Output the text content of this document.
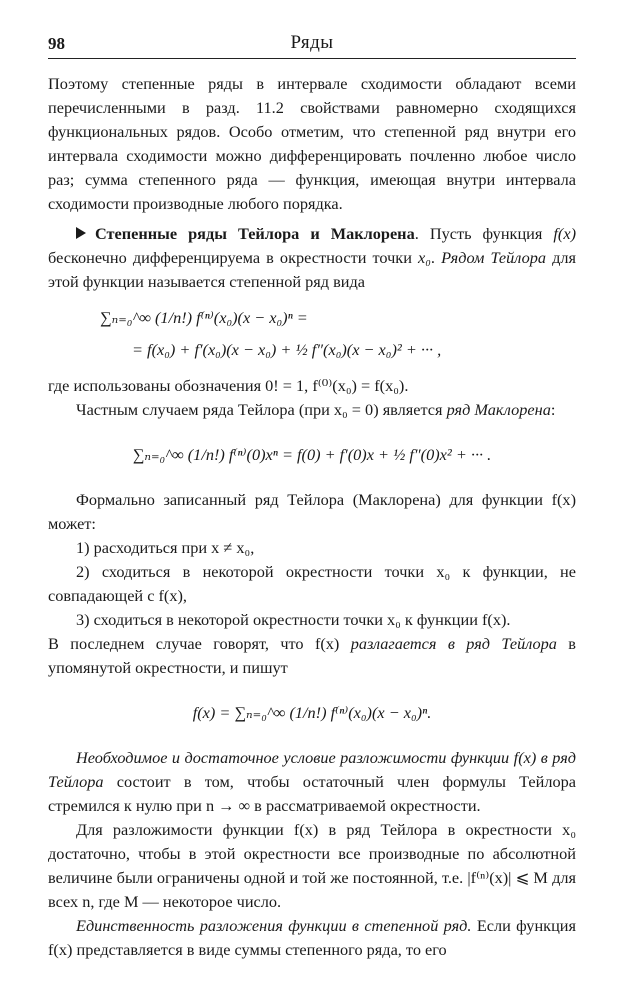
98	Ряды

Поэтому степенные ряды в интервале сходимости обладают всеми перечисленными в разд. 11.2 свойствами равномерно сходящихся функциональных рядов. Особо отметим, что степенной ряд внутри его интервала сходимости можно дифференцировать почленно любое число раз; сумма степенного ряда — функция, имеющая внутри интервала сходимости производные любого порядка.

Степенные ряды Тейлора и Маклорена. Пусть функция f(x) бесконечно дифференцируема в окрестности точки x₀. Рядом Тейлора для этой функции называется степенной ряд вида

∑ₙ₌₀^∞ (1/n!) f⁽ⁿ⁾(x₀)(x − x₀)ⁿ =
= f(x₀) + f′(x₀)(x − x₀) + ½ f″(x₀)(x − x₀)² + ··· ,

где использованы обозначения 0! = 1, f⁽⁰⁾(x₀) = f(x₀).

Частным случаем ряда Тейлора (при x₀ = 0) является ряд Маклорена:

∑ₙ₌₀^∞ (1/n!) f⁽ⁿ⁾(0)xⁿ = f(0) + f′(0)x + ½ f″(0)x² + ··· .

Формально записанный ряд Тейлора (Маклорена) для функции f(x) может:

1) расходиться при x ≠ x₀,

2) сходиться в некоторой окрестности точки x₀ к функции, не совпадающей с f(x),

3) сходиться в некоторой окрестности точки x₀ к функции f(x).

В последнем случае говорят, что f(x) разлагается в ряд Тейлора в упомянутой окрестности, и пишут

f(x) = ∑ₙ₌₀^∞ (1/n!) f⁽ⁿ⁾(x₀)(x − x₀)ⁿ.

Необходимое и достаточное условие разложимости функции f(x) в ряд Тейлора состоит в том, чтобы остаточный член формулы Тейлора стремился к нулю при n → ∞ в рассматриваемой окрестности.

Для разложимости функции f(x) в ряд Тейлора в окрестности x₀ достаточно, чтобы в этой окрестности все производные по абсолютной величине были ограничены одной и той же постоянной, т.е. |f⁽ⁿ⁾(x)| ⩽ M для всех n, где M — некоторое число.

Единственность разложения функции в степенной ряд. Если функция f(x) представляется в виде суммы степенного ряда, то его
